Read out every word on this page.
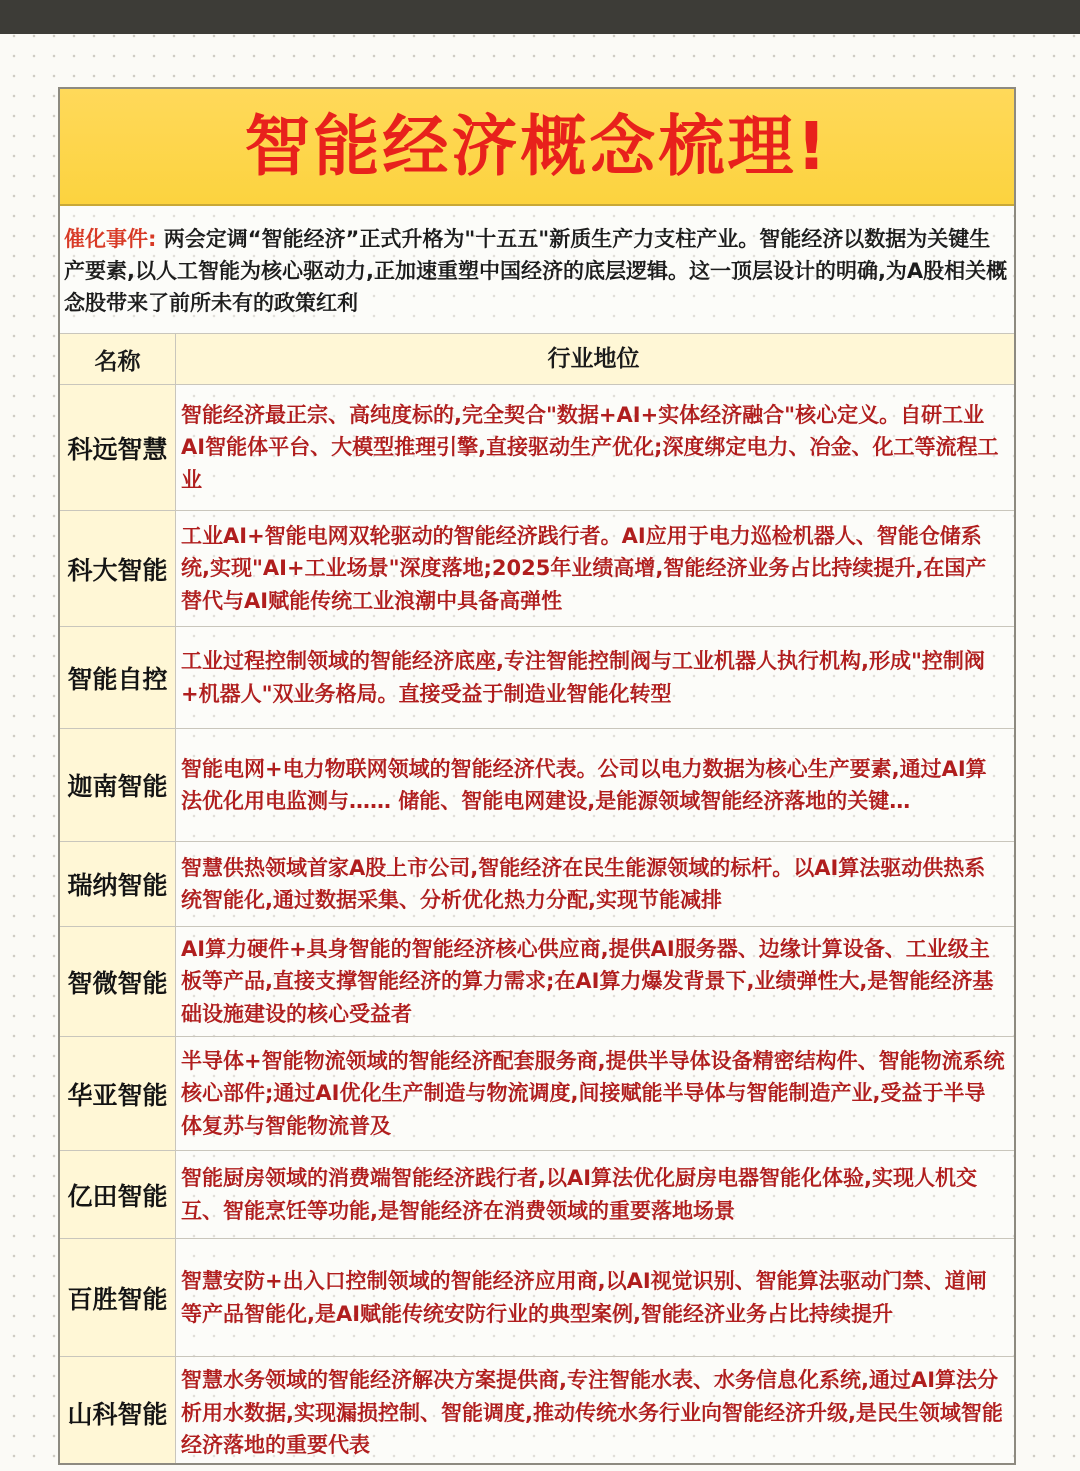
智能经济概念梳理!
催化事件: 两会定调“智能经济”正式升格为"十五五"新质生产力支柱产业。智能经济以数据为关键生产要素,以人工智能为核心驱动力,正加速重塑中国经济的底层逻辑。这一顶层设计的明确,为A股相关概念股带来了前所未有的政策红利
名称	行业地位
科远智慧
智能经济最正宗、高纯度标的,完全契合"数据+AI+实体经济融合"核心定义。自研工业AI智能体平台、大模型推理引擎,直接驱动生产优化;深度绑定电力、冶金、化工等流程工业
科大智能
工业AI+智能电网双轮驱动的智能经济践行者。AI应用于电力巡检机器人、智能仓储系统,实现"AI+工业场景"深度落地;2025年业绩高增,智能经济业务占比持续提升,在国产替代与AI赋能传统工业浪潮中具备高弹性
智能自控
工业过程控制领域的智能经济底座,专注智能控制阀与工业机器人执行机构,形成"控制阀+机器人"双业务格局。直接受益于制造业智能化转型
迦南智能
智能电网+电力物联网领域的智能经济代表。公司以电力数据为核心生产要素,通过AI算法优化用电监测与…… 储能、智能电网建设,是能源领域智能经济落地的关键…
瑞纳智能
智慧供热领域首家A股上市公司,智能经济在民生能源领域的标杆。以AI算法驱动供热系统智能化,通过数据采集、分析优化热力分配,实现节能减排
智微智能
AI算力硬件+具身智能的智能经济核心供应商,提供AI服务器、边缘计算设备、工业级主板等产品,直接支撑智能经济的算力需求;在AI算力爆发背景下,业绩弹性大,是智能经济基础设施建设的核心受益者
华亚智能
半导体+智能物流领域的智能经济配套服务商,提供半导体设备精密结构件、智能物流系统核心部件;通过AI优化生产制造与物流调度,间接赋能半导体与智能制造产业,受益于半导体复苏与智能物流普及
亿田智能
智能厨房领域的消费端智能经济践行者,以AI算法优化厨房电器智能化体验,实现人机交互、智能烹饪等功能,是智能经济在消费领域的重要落地场景
百胜智能
智慧安防+出入口控制领域的智能经济应用商,以AI视觉识别、智能算法驱动门禁、道闸等产品智能化,是AI赋能传统安防行业的典型案例,智能经济业务占比持续提升
山科智能
智慧水务领域的智能经济解决方案提供商,专注智能水表、水务信息化系统,通过AI算法分析用水数据,实现漏损控制、智能调度,推动传统水务行业向智能经济升级,是民生领域智能经济落地的重要代表
